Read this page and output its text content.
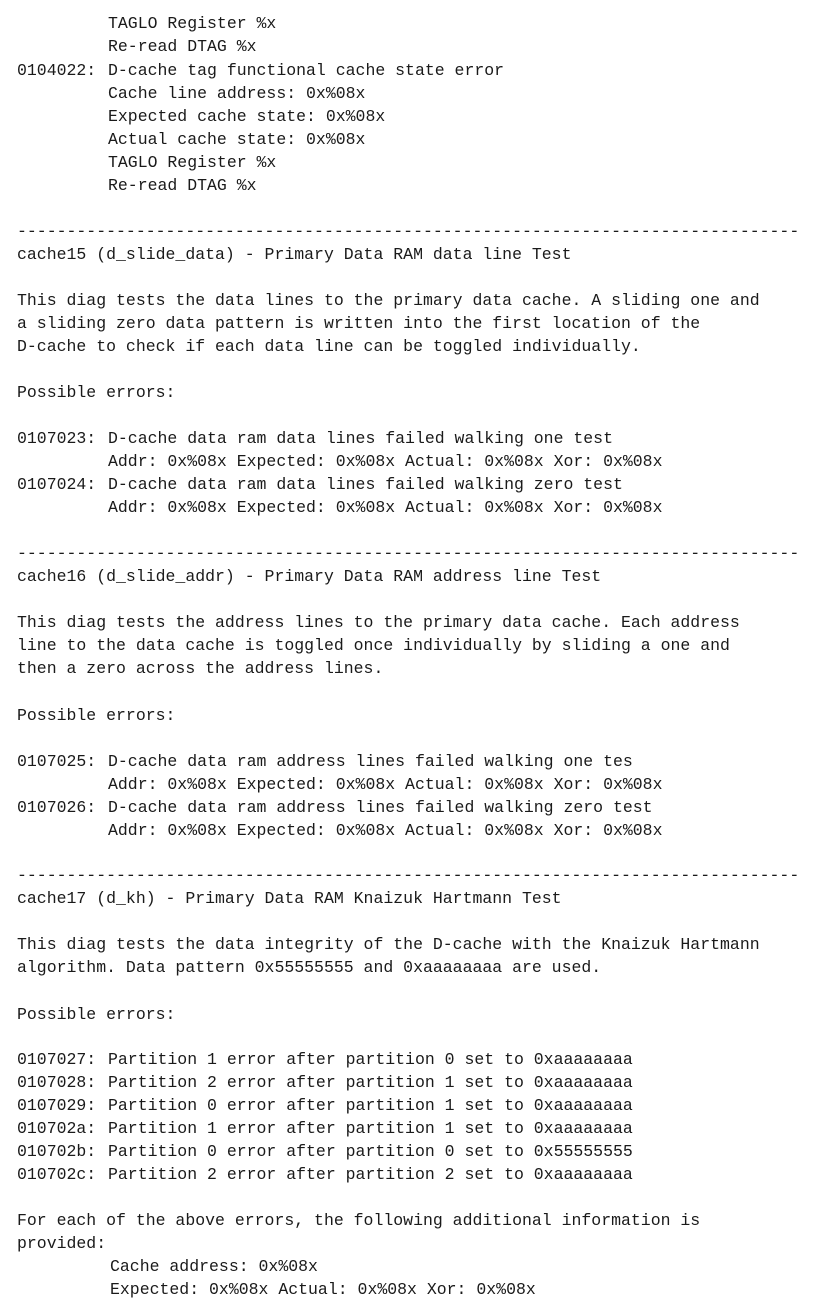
TAGLO Register %x
Re-read DTAG %x
0104022: D-cache tag functional cache state error
Cache line address: 0x%08x
Expected cache state: 0x%08x
Actual cache state: 0x%08x
TAGLO Register %x
Re-read DTAG %x
-------------------------------------------------------------------------------
cache15 (d_slide_data) - Primary Data RAM data line Test
This diag tests the data lines to the primary data cache. A sliding one and
a sliding zero data pattern is written into the first location of the
D-cache to check if each data line can be toggled individually.
Possible errors:
0107023: D-cache data ram data lines failed walking one test
Addr: 0x%08x Expected: 0x%08x Actual: 0x%08x Xor: 0x%08x
0107024: D-cache data ram data lines failed walking zero test
Addr: 0x%08x Expected: 0x%08x Actual: 0x%08x Xor: 0x%08x
-------------------------------------------------------------------------------
cache16 (d_slide_addr) - Primary Data RAM address line Test
This diag tests the address lines to the primary data cache. Each address
line to the data cache is toggled once individually by sliding a one and
then a zero across the address lines.
Possible errors:
0107025: D-cache data ram address lines failed walking one tes
Addr: 0x%08x Expected: 0x%08x Actual: 0x%08x Xor: 0x%08x
0107026: D-cache data ram address lines failed walking zero test
Addr: 0x%08x Expected: 0x%08x Actual: 0x%08x Xor: 0x%08x
-------------------------------------------------------------------------------
cache17 (d_kh) - Primary Data RAM Knaizuk Hartmann Test
This diag tests the data integrity of the D-cache with the Knaizuk Hartmann
algorithm. Data pattern 0x55555555 and 0xaaaaaaaa are used.
Possible errors:
0107027: Partition 1 error after partition 0 set to 0xaaaaaaaa
0107028: Partition 2 error after partition 1 set to 0xaaaaaaaa
0107029: Partition 0 error after partition 1 set to 0xaaaaaaaa
010702a: Partition 1 error after partition 1 set to 0xaaaaaaaa
010702b: Partition 0 error after partition 0 set to 0x55555555
010702c: Partition 2 error after partition 2 set to 0xaaaaaaaa
For each of the above errors, the following additional information is
provided:
Cache address: 0x%08x
Expected: 0x%08x Actual: 0x%08x Xor: 0x%08x
